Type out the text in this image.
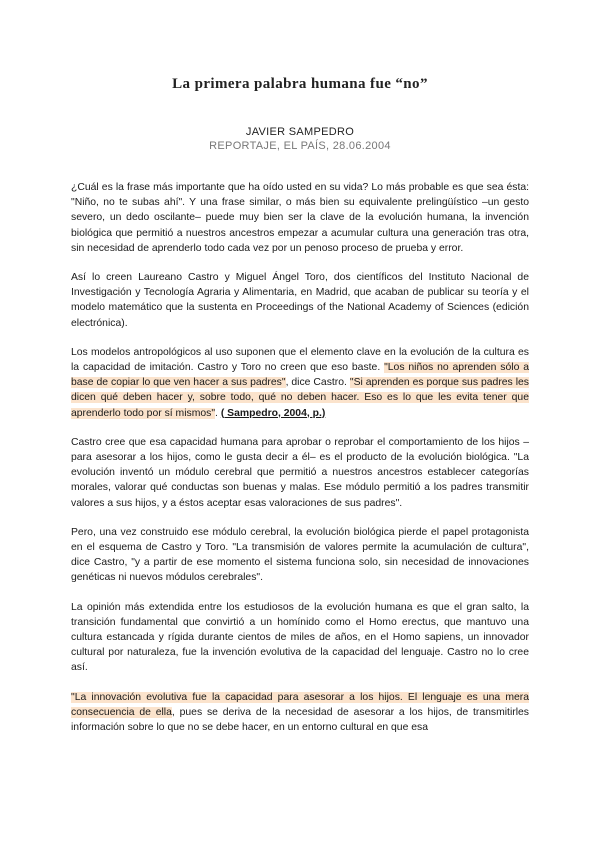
La primera palabra humana fue “no”
JAVIER SAMPEDRO
REPORTAJE, EL PAÍS, 28.06.2004

¿Cuál es la frase más importante que ha oído usted en su vida? Lo más probable es que sea ésta: "Niño, no te subas ahí". Y una frase similar, o más bien su equivalente prelingüístico –un gesto severo, un dedo oscilante– puede muy bien ser la clave de la evolución humana, la invención biológica que permitió a nuestros ancestros empezar a acumular cultura una generación tras otra, sin necesidad de aprenderlo todo cada vez por un penoso proceso de prueba y error.

Así lo creen Laureano Castro y Miguel Ángel Toro, dos científicos del Instituto Nacional de Investigación y Tecnología Agraria y Alimentaria, en Madrid, que acaban de publicar su teoría y el modelo matemático que la sustenta en Proceedings of the National Academy of Sciences (edición electrónica).

Los modelos antropológicos al uso suponen que el elemento clave en la evolución de la cultura es la capacidad de imitación. Castro y Toro no creen que eso baste. "Los niños no aprenden sólo a base de copiar lo que ven hacer a sus padres", dice Castro. "Si aprenden es porque sus padres les dicen qué deben hacer y, sobre todo, qué no deben hacer. Eso es lo que les evita tener que aprenderlo todo por sí mismos". ( Sampedro, 2004, p.)

Castro cree que esa capacidad humana para aprobar o reprobar el comportamiento de los hijos –para asesorar a los hijos, como le gusta decir a él– es el producto de la evolución biológica. "La evolución inventó un módulo cerebral que permitió a nuestros ancestros establecer categorías morales, valorar qué conductas son buenas y malas. Ese módulo permitió a los padres transmitir valores a sus hijos, y a éstos aceptar esas valoraciones de sus padres".

Pero, una vez construido ese módulo cerebral, la evolución biológica pierde el papel protagonista en el esquema de Castro y Toro. "La transmisión de valores permite la acumulación de cultura", dice Castro, "y a partir de ese momento el sistema funciona solo, sin necesidad de innovaciones genéticas ni nuevos módulos cerebrales".

La opinión más extendida entre los estudiosos de la evolución humana es que el gran salto, la transición fundamental que convirtió a un homínido como el Homo erectus, que mantuvo una cultura estancada y rígida durante cientos de miles de años, en el Homo sapiens, un innovador cultural por naturaleza, fue la invención evolutiva de la capacidad del lenguaje. Castro no lo cree así.

"La innovación evolutiva fue la capacidad para asesorar a los hijos. El lenguaje es una mera consecuencia de ella, pues se deriva de la necesidad de asesorar a los hijos, de transmitirles información sobre lo que no se debe hacer, en un entorno cultural en que esa
